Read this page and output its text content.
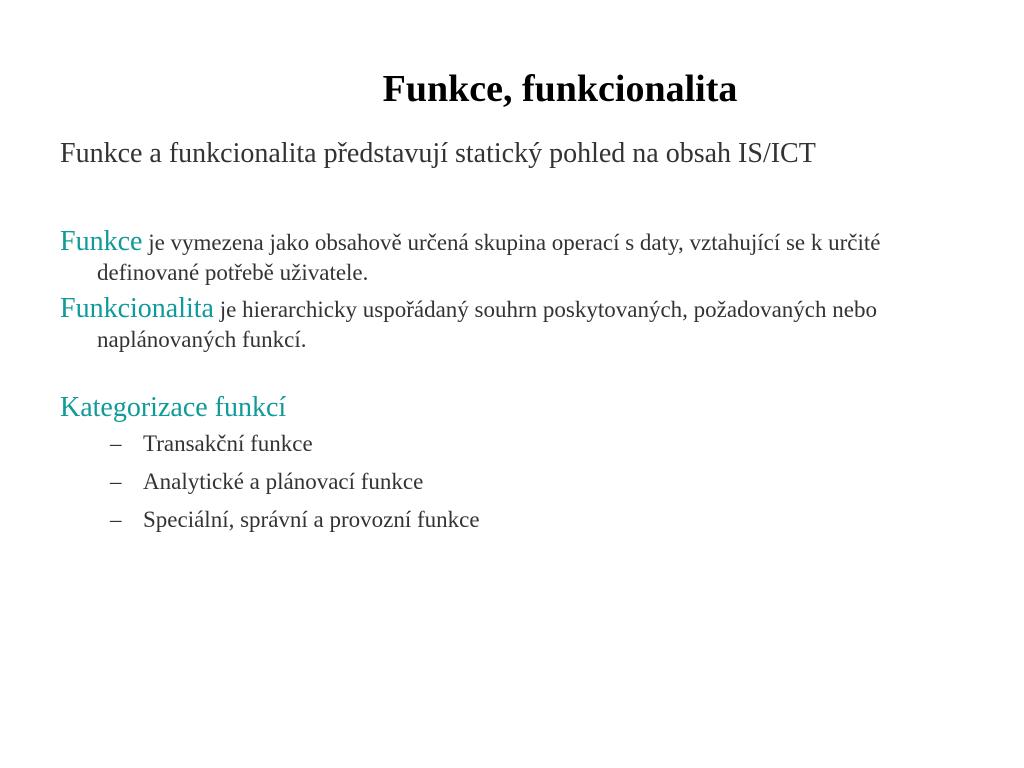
Funkce, funkcionalita

Funkce a funkcionalita představují statický pohled na obsah IS/ICT

Funkce je vymezena jako obsahově určená skupina operací s daty, vztahující se k určité definované potřebě uživatele.

Funkcionalita je hierarchicky uspořádaný souhrn poskytovaných, požadovaných nebo naplánovaných funkcí.

Kategorizace funkcí

– Transakční funkce
– Analytické a plánovací funkce
– Speciální, správní a provozní funkce
